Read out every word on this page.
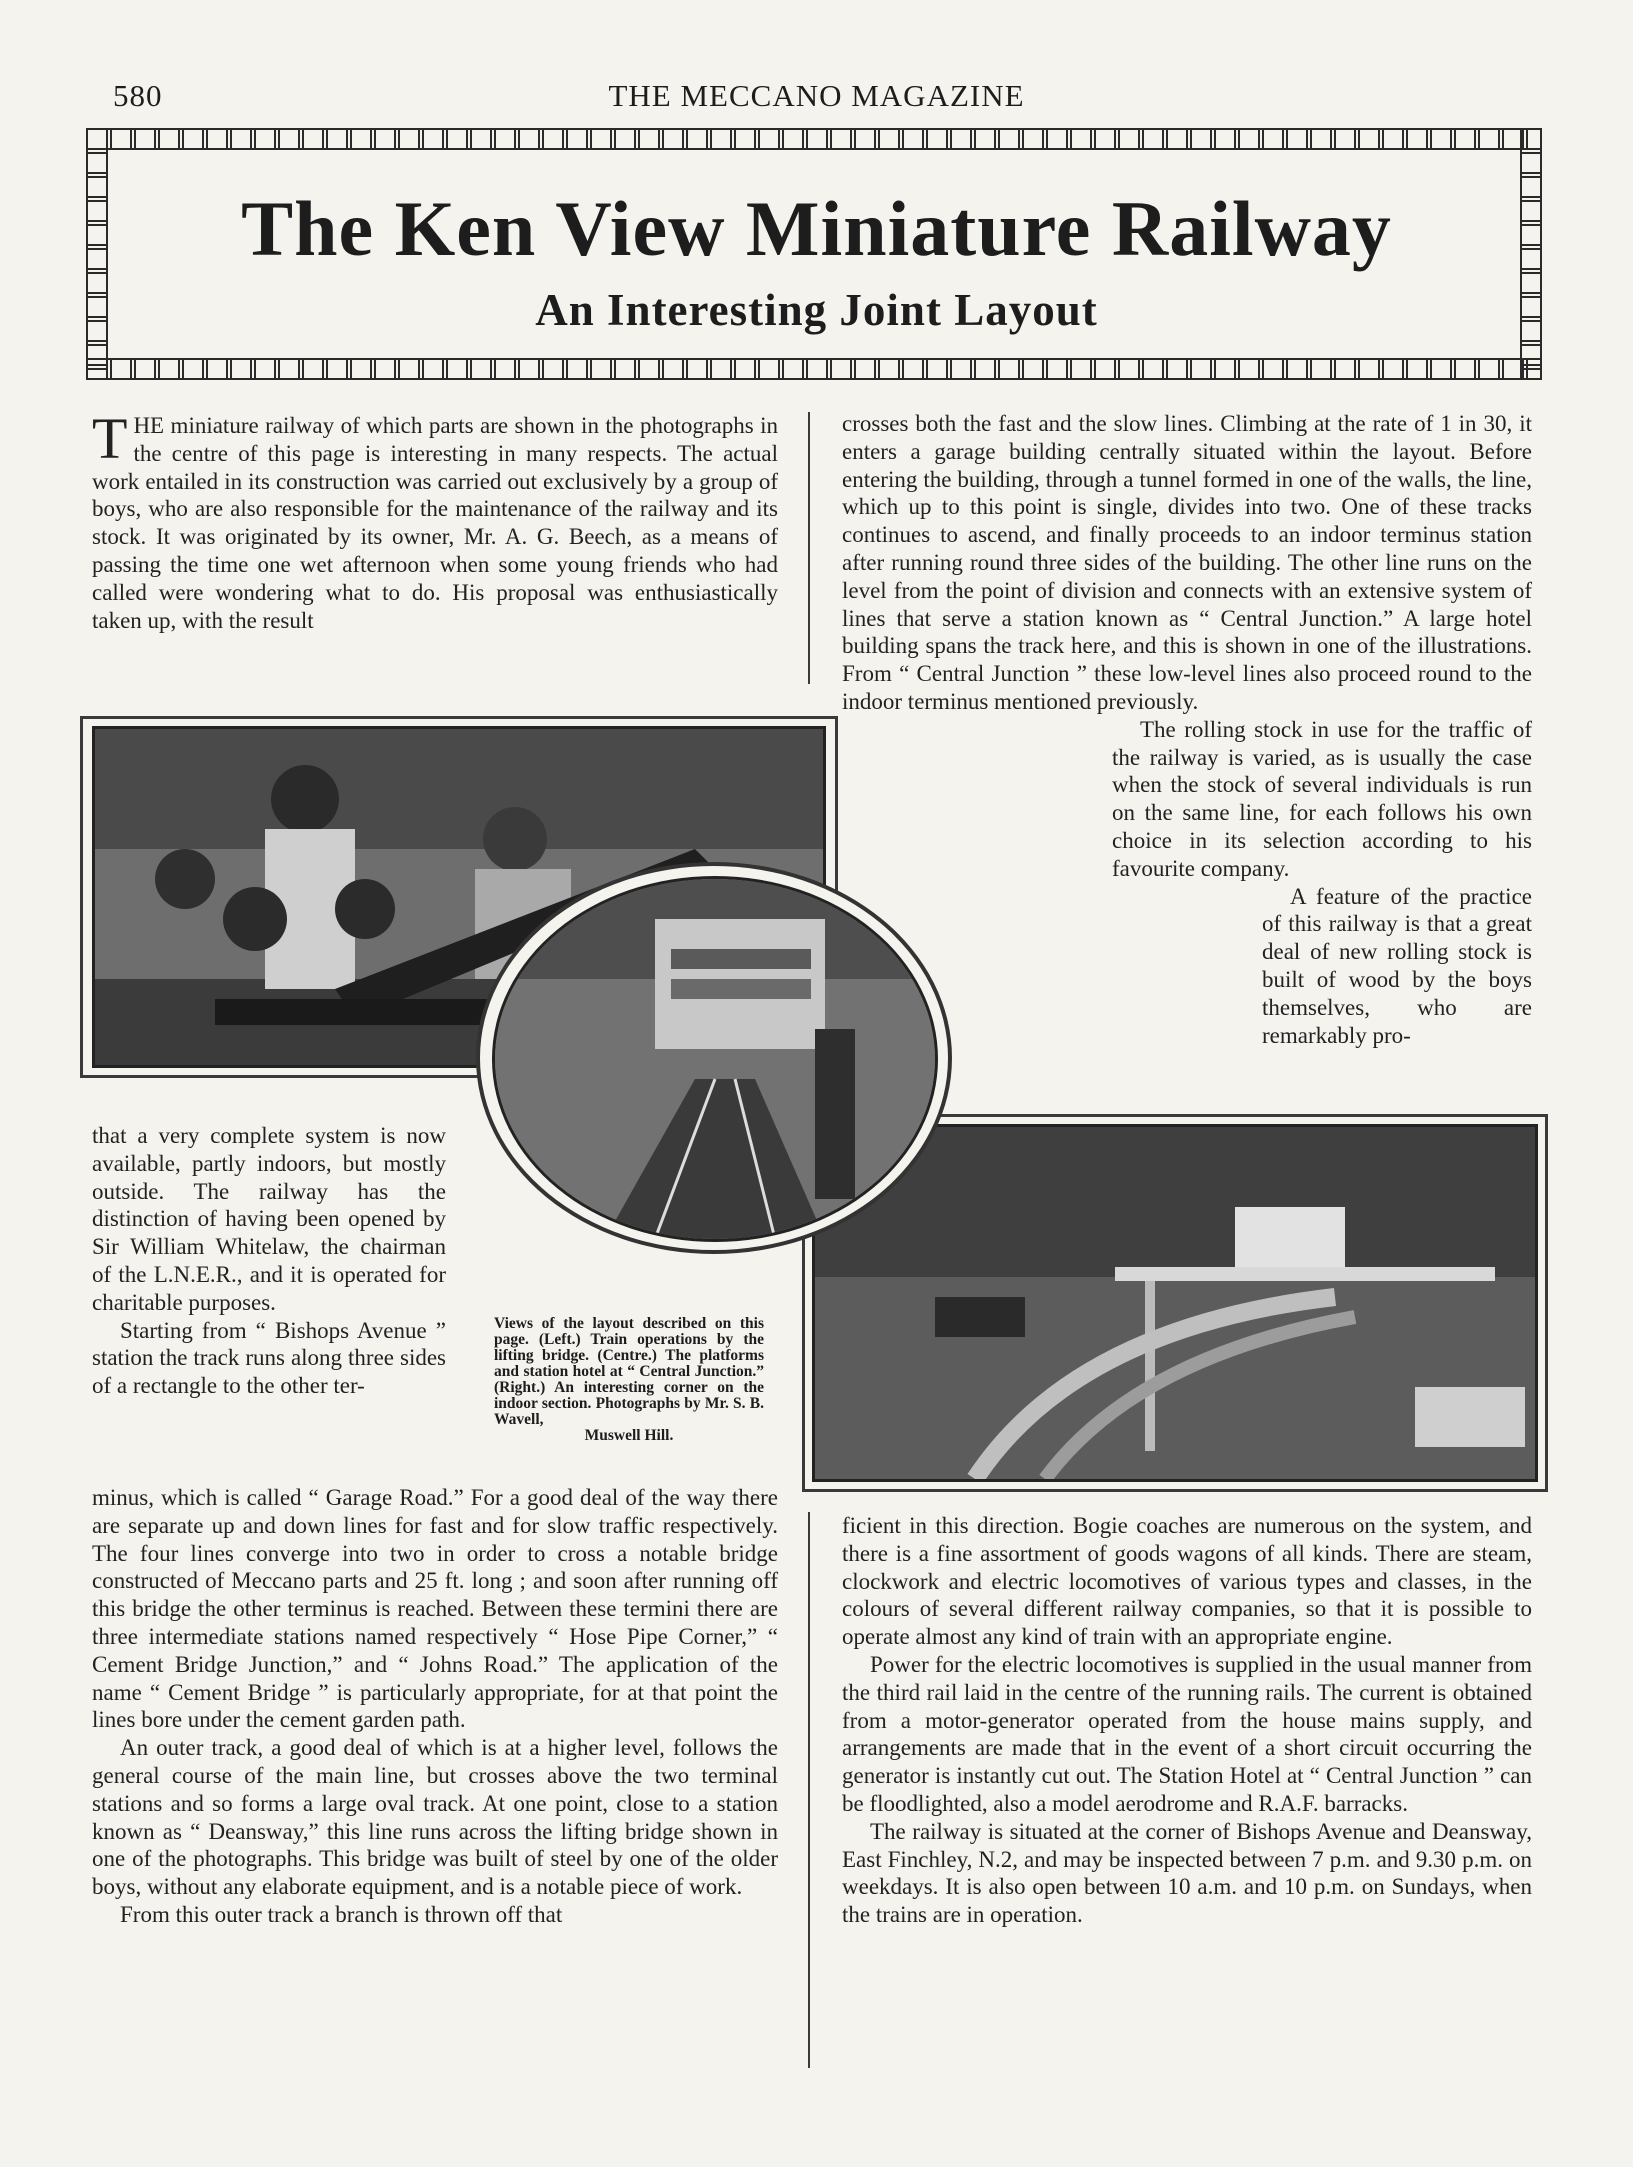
580	THE MECCANO MAGAZINE
The Ken View Miniature Railway
An Interesting Joint Layout

THE miniature railway of which parts are shown in the photographs in the centre of this page is interesting in many respects. The actual work entailed in its construction was carried out exclusively by a group of boys, who are also responsible for the maintenance of the railway and its stock. It was originated by its owner, Mr. A. G. Beech, as a means of passing the time one wet afternoon when some young friends who had called were wondering what to do. His proposal was enthusiastically taken up, with the result

crosses both the fast and the slow lines. Climbing at the rate of 1 in 30, it enters a garage building centrally situated within the layout. Before entering the building, through a tunnel formed in one of the walls, the line, which up to this point is single, divides into two. One of these tracks continues to ascend, and finally proceeds to an indoor terminus station after running round three sides of the building. The other line runs on the level from the point of division and connects with an extensive system of lines that serve a station known as “ Central Junction.” A large hotel building spans the track here, and this is shown in one of the illustrations. From “ Central Junction ” these low-level lines also proceed round to the indoor terminus mentioned previously.

The rolling stock in use for the traffic of the railway is varied, as is usually the case when the stock of several individuals is run on the same line, for each follows his own choice in its selection according to his favourite company.

A feature of the practice of this railway is that a great deal of new rolling stock is built of wood by the boys themselves, who are remarkably pro-

that a very complete system is now available, partly indoors, but mostly outside. The railway has the distinction of having been opened by Sir William Whitelaw, the chairman of the L.N.E.R., and it is operated for charitable purposes.

Starting from “ Bishops Avenue ” station the track runs along three sides of a rectangle to the other ter-

Views of the layout described on this page. (Left.) Train operations by the lifting bridge. (Centre.) The platforms and station hotel at “ Central Junction.” (Right.) An interesting corner on the indoor section. Photographs by Mr. S. B. Wavell,
Muswell Hill.

minus, which is called “ Garage Road.” For a good deal of the way there are separate up and down lines for fast and for slow traffic respectively. The four lines converge into two in order to cross a notable bridge constructed of Meccano parts and 25 ft. long ; and soon after running off this bridge the other terminus is reached. Between these termini there are three intermediate stations named respectively “ Hose Pipe Corner,” “ Cement Bridge Junction,” and “ Johns Road.” The application of the name “ Cement Bridge ” is particularly appropriate, for at that point the lines bore under the cement garden path.

An outer track, a good deal of which is at a higher level, follows the general course of the main line, but crosses above the two terminal stations and so forms a large oval track. At one point, close to a station known as “ Deansway,” this line runs across the lifting bridge shown in one of the photographs. This bridge was built of steel by one of the older boys, without any elaborate equipment, and is a notable piece of work.

From this outer track a branch is thrown off that

ficient in this direction. Bogie coaches are numerous on the system, and there is a fine assortment of goods wagons of all kinds. There are steam, clockwork and electric locomotives of various types and classes, in the colours of several different railway companies, so that it is possible to operate almost any kind of train with an appropriate engine.

Power for the electric locomotives is supplied in the usual manner from the third rail laid in the centre of the running rails. The current is obtained from a motor-generator operated from the house mains supply, and arrangements are made that in the event of a short circuit occurring the generator is instantly cut out. The Station Hotel at “ Central Junction ” can be floodlighted, also a model aerodrome and R.A.F. barracks.

The railway is situated at the corner of Bishops Avenue and Deansway, East Finchley, N.2, and may be inspected between 7 p.m. and 9.30 p.m. on weekdays. It is also open between 10 a.m. and 10 p.m. on Sundays, when the trains are in operation.
